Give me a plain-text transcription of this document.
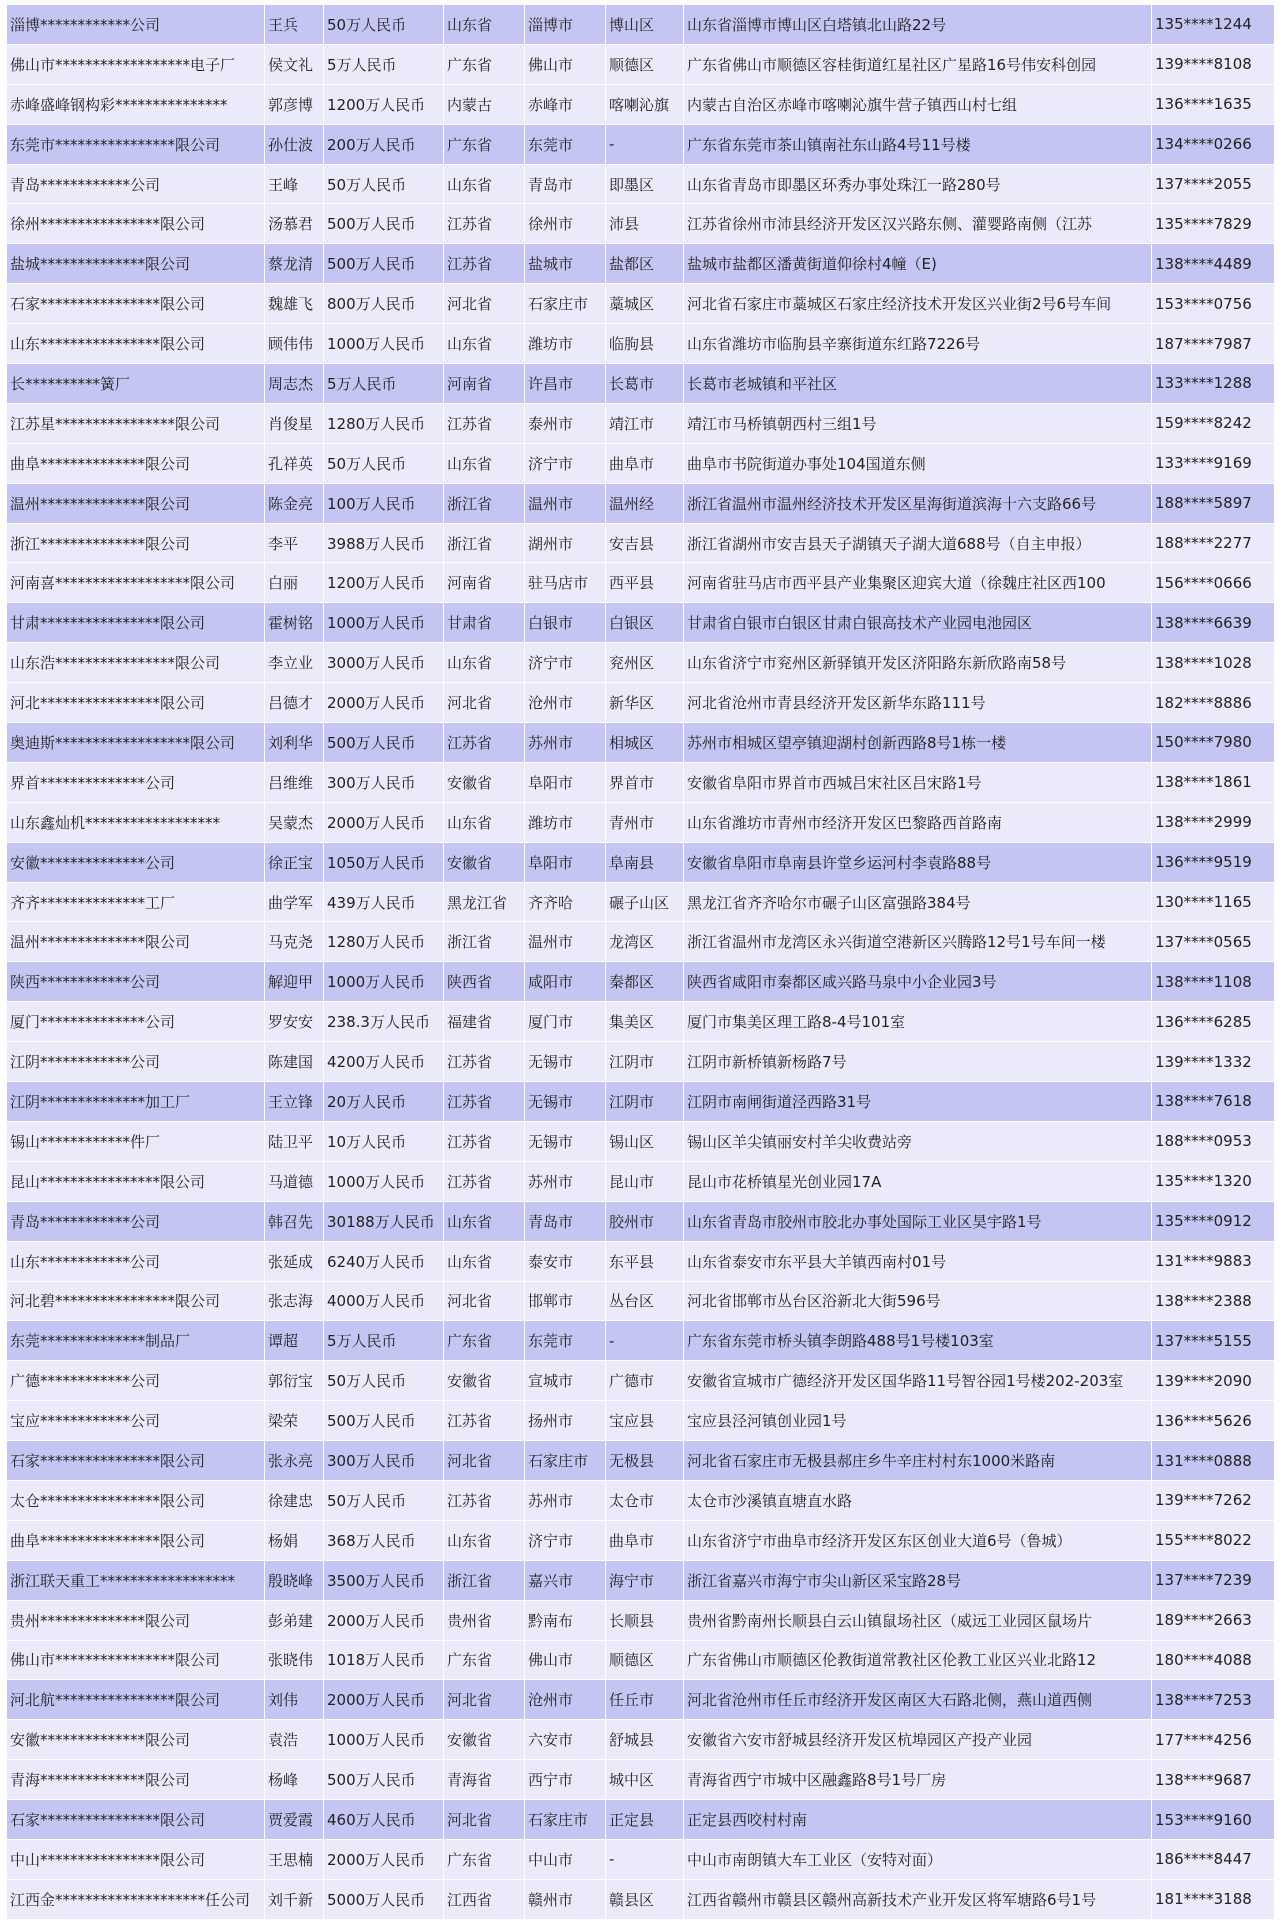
淄博************公司	王兵	50万人民币	山东省	淄博市	博山区	山东省淄博市博山区白塔镇北山路22号	135****1244
佛山市******************电子厂	侯文礼	5万人民币	广东省	佛山市	顺德区	广东省佛山市顺德区容桂街道红星社区广星路16号伟安科创园	139****8108
赤峰盛峰钢构彩***************	郭彦博	1200万人民币	内蒙古	赤峰市	喀喇沁旗	内蒙古自治区赤峰市喀喇沁旗牛营子镇西山村七组	136****1635
东莞市****************限公司	孙仕波	200万人民币	广东省	东莞市	-	广东省东莞市茶山镇南社东山路4号11号楼	134****0266
青岛************公司	王峰	50万人民币	山东省	青岛市	即墨区	山东省青岛市即墨区环秀办事处珠江一路280号	137****2055
徐州****************限公司	汤慕君	500万人民币	江苏省	徐州市	沛县	江苏省徐州市沛县经济开发区汉兴路东侧、灌婴路南侧（江苏	135****7829
盐城**************限公司	蔡龙清	500万人民币	江苏省	盐城市	盐都区	盐城市盐都区潘黄街道仰徐村4幢（E)	138****4489
石家****************限公司	魏雄飞	800万人民币	河北省	石家庄市	藁城区	河北省石家庄市藁城区石家庄经济技术开发区兴业街2号6号车间	153****0756
山东****************限公司	顾伟伟	1000万人民币	山东省	潍坊市	临朐县	山东省潍坊市临朐县辛寨街道东红路7226号	187****7987
长**********簧厂	周志杰	5万人民币	河南省	许昌市	长葛市	长葛市老城镇和平社区	133****1288
江苏星****************限公司	肖俊星	1280万人民币	江苏省	泰州市	靖江市	靖江市马桥镇朝西村三组1号	159****8242
曲阜**************限公司	孔祥英	50万人民币	山东省	济宁市	曲阜市	曲阜市书院街道办事处104国道东侧	133****9169
温州**************限公司	陈金亮	100万人民币	浙江省	温州市	温州经	浙江省温州市温州经济技术开发区星海街道滨海十六支路66号	188****5897
浙江**************限公司	李平	3988万人民币	浙江省	湖州市	安吉县	浙江省湖州市安吉县天子湖镇天子湖大道688号（自主申报）	188****2277
河南喜******************限公司	白丽	1200万人民币	河南省	驻马店市	西平县	河南省驻马店市西平县产业集聚区迎宾大道（徐魏庄社区西100	156****0666
甘肃****************限公司	霍树铭	1000万人民币	甘肃省	白银市	白银区	甘肃省白银市白银区甘肃白银高技术产业园电池园区	138****6639
山东浩****************限公司	李立业	3000万人民币	山东省	济宁市	兖州区	山东省济宁市兖州区新驿镇开发区济阳路东新欣路南58号	138****1028
河北****************限公司	吕德才	2000万人民币	河北省	沧州市	新华区	河北省沧州市青县经济开发区新华东路111号	182****8886
奥迪斯******************限公司	刘利华	500万人民币	江苏省	苏州市	相城区	苏州市相城区望亭镇迎湖村创新西路8号1栋一楼	150****7980
界首**************公司	吕维维	300万人民币	安徽省	阜阳市	界首市	安徽省阜阳市界首市西城吕宋社区吕宋路1号	138****1861
山东鑫灿机******************	吴蒙杰	2000万人民币	山东省	潍坊市	青州市	山东省潍坊市青州市经济开发区巴黎路西首路南	138****2999
安徽**************公司	徐正宝	1050万人民币	安徽省	阜阳市	阜南县	安徽省阜阳市阜南县许堂乡运河村李袁路88号	136****9519
齐齐**************工厂	曲学军	439万人民币	黑龙江省	齐齐哈	碾子山区	黑龙江省齐齐哈尔市碾子山区富强路384号	130****1165
温州**************限公司	马克尧	1280万人民币	浙江省	温州市	龙湾区	浙江省温州市龙湾区永兴街道空港新区兴腾路12号1号车间一楼	137****0565
陕西************公司	解迎甲	1000万人民币	陕西省	咸阳市	秦都区	陕西省咸阳市秦都区咸兴路马泉中小企业园3号	138****1108
厦门**************公司	罗安安	238.3万人民币	福建省	厦门市	集美区	厦门市集美区理工路8-4号101室	136****6285
江阴************公司	陈建国	4200万人民币	江苏省	无锡市	江阴市	江阴市新桥镇新杨路7号	139****1332
江阴**************加工厂	王立锋	20万人民币	江苏省	无锡市	江阴市	江阴市南闸街道泾西路31号	138****7618
锡山************件厂	陆卫平	10万人民币	江苏省	无锡市	锡山区	锡山区羊尖镇丽安村羊尖收费站旁	188****0953
昆山****************限公司	马道德	1000万人民币	江苏省	苏州市	昆山市	昆山市花桥镇星光创业园17A	135****1320
青岛************公司	韩召先	30188万人民币	山东省	青岛市	胶州市	山东省青岛市胶州市胶北办事处国际工业区昊宇路1号	135****0912
山东************公司	张延成	6240万人民币	山东省	泰安市	东平县	山东省泰安市东平县大羊镇西南村01号	131****9883
河北碧****************限公司	张志海	4000万人民币	河北省	邯郸市	丛台区	河北省邯郸市丛台区浴新北大街596号	138****2388
东莞**************制品厂	谭超	5万人民币	广东省	东莞市	-	广东省东莞市桥头镇李朗路488号1号楼103室	137****5155
广德************公司	郭衍宝	50万人民币	安徽省	宣城市	广德市	安徽省宣城市广德经济开发区国华路11号智谷园1号楼202-203室	139****2090
宝应************公司	梁荣	500万人民币	江苏省	扬州市	宝应县	宝应县泾河镇创业园1号	136****5626
石家****************限公司	张永亮	300万人民币	河北省	石家庄市	无极县	河北省石家庄市无极县郝庄乡牛辛庄村村东1000米路南	131****0888
太仓****************限公司	徐建忠	50万人民币	江苏省	苏州市	太仓市	太仓市沙溪镇直塘直水路	139****7262
曲阜****************限公司	杨娟	368万人民币	山东省	济宁市	曲阜市	山东省济宁市曲阜市经济开发区东区创业大道6号（鲁城）	155****8022
浙江联天重工******************	殷晓峰	3500万人民币	浙江省	嘉兴市	海宁市	浙江省嘉兴市海宁市尖山新区采宝路28号	137****7239
贵州**************限公司	彭弟建	2000万人民币	贵州省	黔南布	长顺县	贵州省黔南州长顺县白云山镇鼠场社区（威远工业园区鼠场片	189****2663
佛山市****************限公司	张晓伟	1018万人民币	广东省	佛山市	顺德区	广东省佛山市顺德区伦教街道常教社区伦教工业区兴业北路12	180****4088
河北航****************限公司	刘伟	2000万人民币	河北省	沧州市	任丘市	河北省沧州市任丘市经济开发区南区大石路北侧，燕山道西侧	138****7253
安徽**************限公司	袁浩	1000万人民币	安徽省	六安市	舒城县	安徽省六安市舒城县经济开发区杭埠园区产投产业园	177****4256
青海**************限公司	杨峰	500万人民币	青海省	西宁市	城中区	青海省西宁市城中区融鑫路8号1号厂房	138****9687
石家****************限公司	贾爱霞	460万人民币	河北省	石家庄市	正定县	正定县西咬村村南	153****9160
中山****************限公司	王思楠	2000万人民币	广东省	中山市	-	中山市南朗镇大车工业区（安特对面）	186****8447
江西金********************任公司	刘千新	5000万人民币	江西省	赣州市	赣县区	江西省赣州市赣县区赣州高新技术产业开发区将军塘路6号1号	181****3188
